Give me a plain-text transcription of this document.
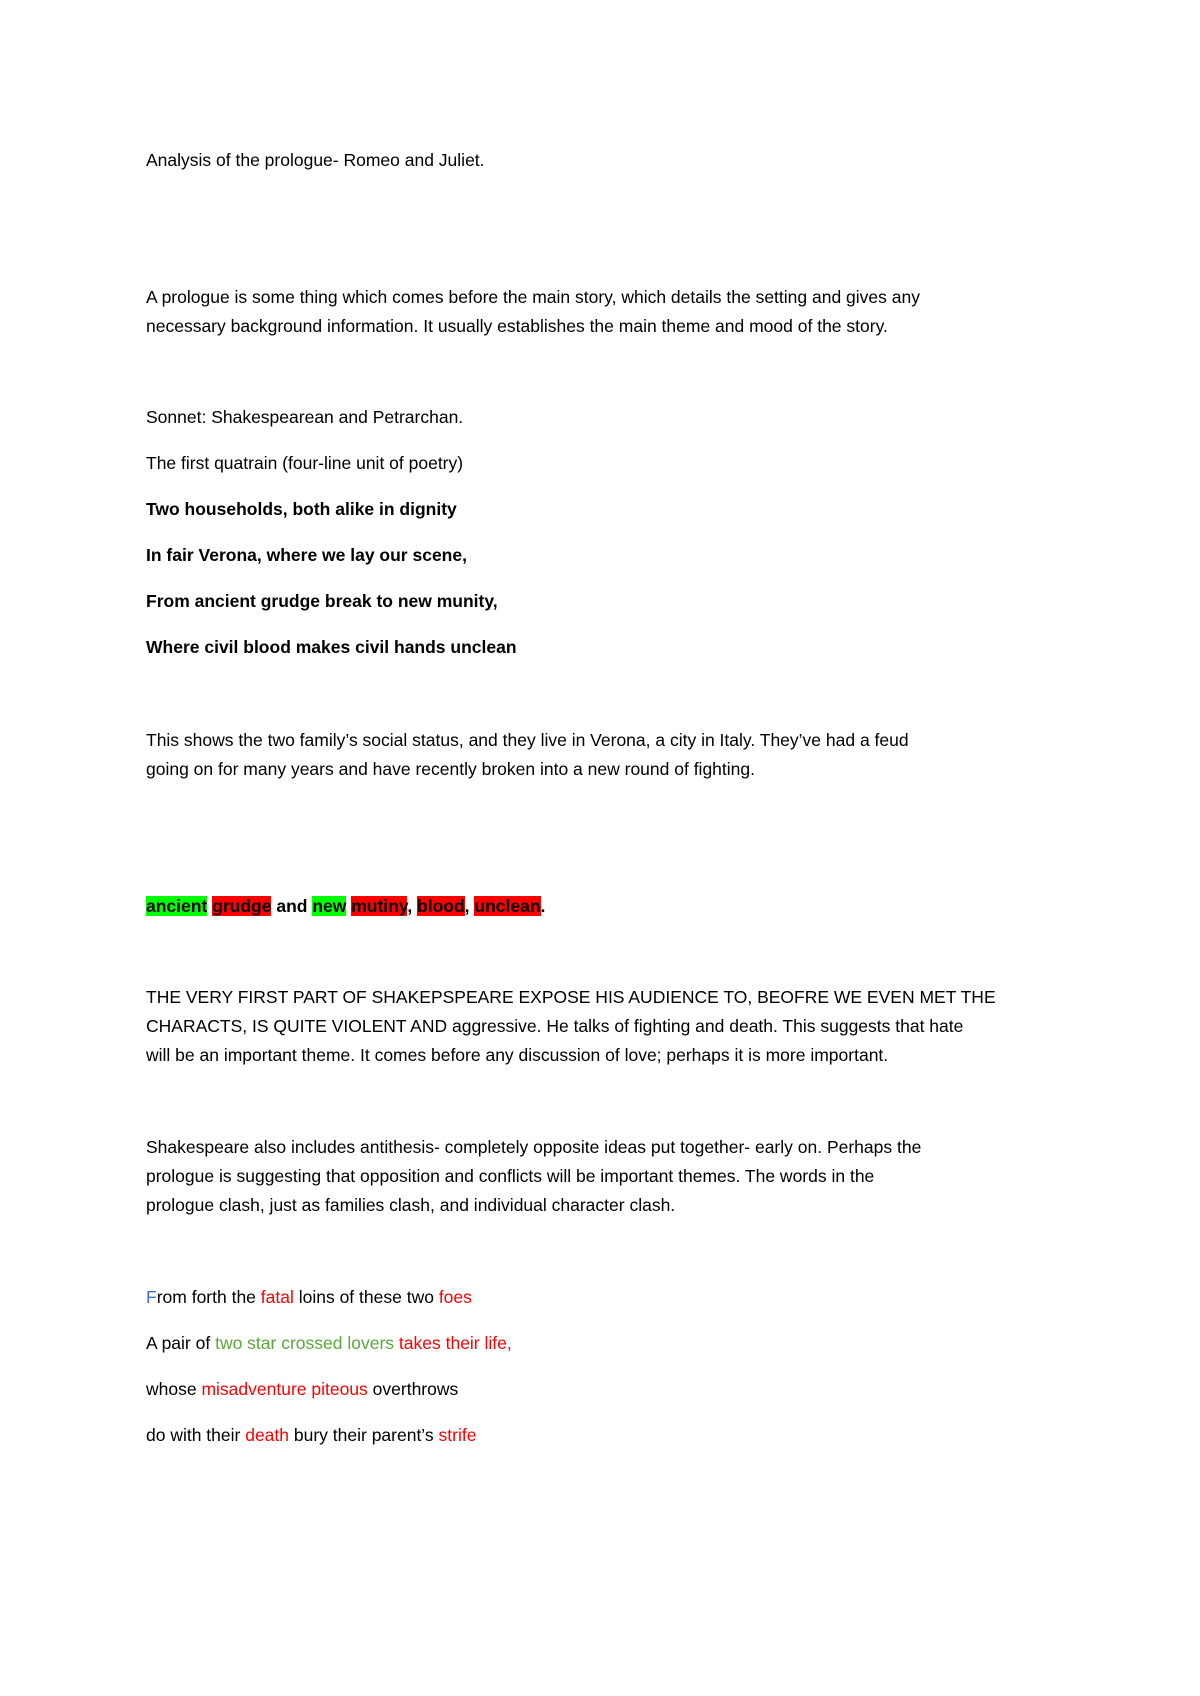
Analysis of the prologue- Romeo and Juliet.
A prologue is some thing which comes before the main story, which details the setting and gives any
necessary background information. It usually establishes the main theme and mood of the story.
Sonnet: Shakespearean and Petrarchan.
The first quatrain (four-line unit of poetry)
Two households, both alike in dignity
In fair Verona, where we lay our scene,
From ancient grudge break to new munity,
Where civil blood makes civil hands unclean
This shows the two family’s social status, and they live in Verona, a city in Italy. They’ve had a feud
going on for many years and have recently broken into a new round of fighting.
ancient grudge and new mutiny, blood, unclean.
THE VERY FIRST PART OF SHAKEPSPEARE EXPOSE HIS AUDIENCE TO, BEOFRE WE EVEN MET THE
CHARACTS, IS QUITE VIOLENT AND aggressive. He talks of fighting and death. This suggests that hate
will be an important theme. It comes before any discussion of love; perhaps it is more important.
Shakespeare also includes antithesis- completely opposite ideas put together- early on. Perhaps the
prologue is suggesting that opposition and conflicts will be important themes. The words in the
prologue clash, just as families clash, and individual character clash.
From forth the fatal loins of these two foes
A pair of two star crossed lovers takes their life,
whose misadventure piteous overthrows
do with their death bury their parent’s strife
